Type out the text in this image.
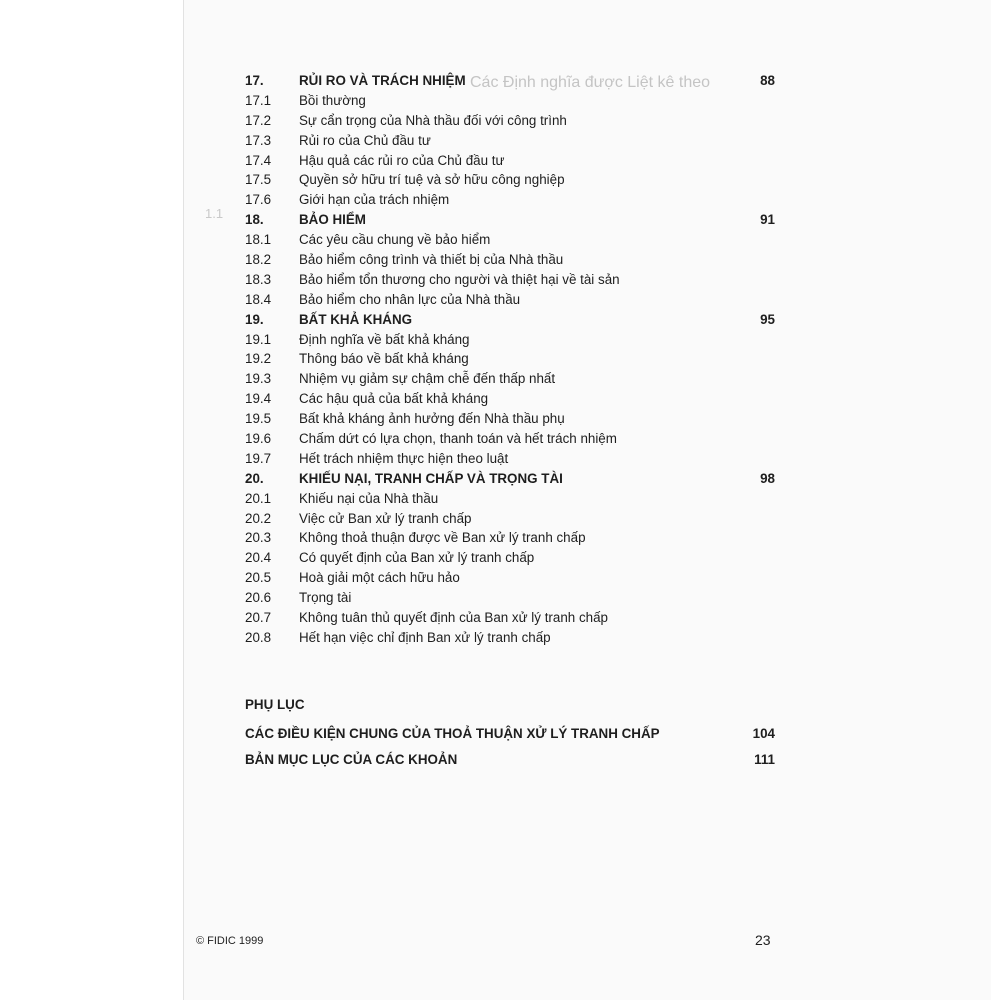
Các Định nghĩa được Liệt kê theo
1.1
17.	RỦI RO VÀ TRÁCH NHIỆM	88
17.1 Bồi thường
17.2 Sự cẩn trọng của Nhà thầu đối với công trình
17.3 Rủi ro của Chủ đầu tư
17.4 Hậu quả các rủi ro của Chủ đầu tư
17.5 Quyền sở hữu trí tuệ và sở hữu công nghiệp
17.6 Giới hạn của trách nhiệm
18.	BẢO HIỂM	91
18.1 Các yêu cầu chung về bảo hiểm
18.2 Bảo hiểm công trình và thiết bị của Nhà thầu
18.3 Bảo hiểm tổn thương cho người và thiệt hại về tài sản
18.4 Bảo hiểm cho nhân lực của Nhà thầu
19.	BẤT KHẢ KHÁNG	95
19.1 Định nghĩa về bất khả kháng
19.2 Thông báo về bất khả kháng
19.3 Nhiệm vụ giảm sự chậm chễ đến thấp nhất
19.4 Các hậu quả của bất khả kháng
19.5 Bất khả kháng ảnh hưởng đến Nhà thầu phụ
19.6 Chấm dứt có lựa chọn, thanh toán và hết trách nhiệm
19.7 Hết trách nhiệm thực hiện theo luật
20.	KHIẾU NẠI, TRANH CHẤP VÀ TRỌNG TÀI	98
20.1 Khiếu nại của Nhà thầu
20.2 Việc cử Ban xử lý tranh chấp
20.3 Không thoả thuận được về Ban xử lý tranh chấp
20.4 Có quyết định của Ban xử lý tranh chấp
20.5 Hoà giải một cách hữu hảo
20.6 Trọng tài
20.7 Không tuân thủ quyết định của Ban xử lý tranh chấp
20.8 Hết hạn việc chỉ định Ban xử lý tranh chấp
PHỤ LỤC
CÁC ĐIỀU KIỆN CHUNG CỦA THOẢ THUẬN XỬ LÝ TRANH CHẤP	104
BẢN MỤC LỤC CỦA CÁC KHOẢN	111
© FIDIC 1999	23
